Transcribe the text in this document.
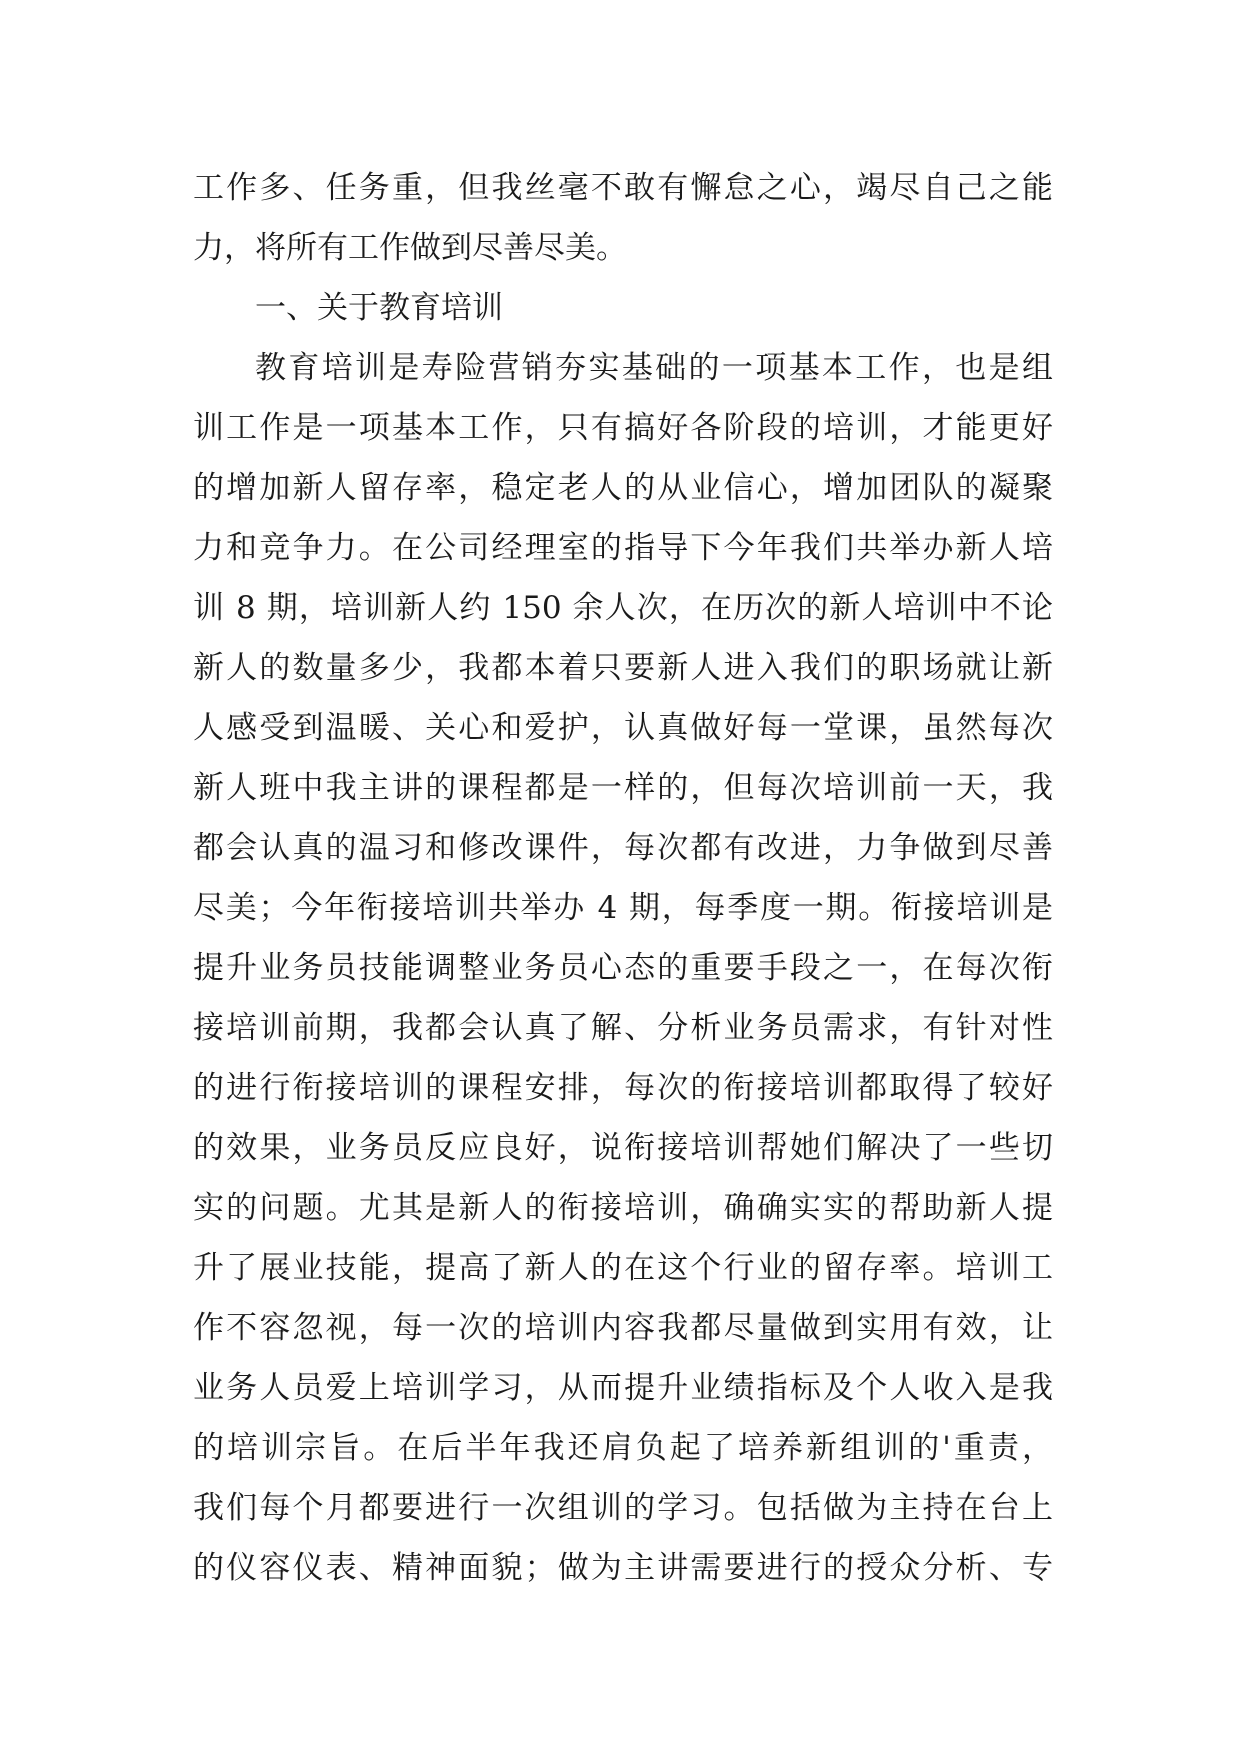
工作多、任务重，但我丝毫不敢有懈怠之心，竭尽自己之能
力，将所有工作做到尽善尽美。
一、关于教育培训
教育培训是寿险营销夯实基础的一项基本工作，也是组
训工作是一项基本工作，只有搞好各阶段的培训，才能更好
的增加新人留存率，稳定老人的从业信心，增加团队的凝聚
力和竞争力。在公司经理室的指导下今年我们共举办新人培
训 8 期，培训新人约 150 余人次，在历次的新人培训中不论
新人的数量多少，我都本着只要新人进入我们的职场就让新
人感受到温暖、关心和爱护，认真做好每一堂课，虽然每次
新人班中我主讲的课程都是一样的，但每次培训前一天，我
都会认真的温习和修改课件，每次都有改进，力争做到尽善
尽美；今年衔接培训共举办 4 期，每季度一期。衔接培训是
提升业务员技能调整业务员心态的重要手段之一，在每次衔
接培训前期，我都会认真了解、分析业务员需求，有针对性
的进行衔接培训的课程安排，每次的衔接培训都取得了较好
的效果，业务员反应良好，说衔接培训帮她们解决了一些切
实的问题。尤其是新人的衔接培训，确确实实的帮助新人提
升了展业技能，提高了新人的在这个行业的留存率。培训工
作不容忽视，每一次的培训内容我都尽量做到实用有效，让
业务人员爱上培训学习，从而提升业绩指标及个人收入是我
的培训宗旨。在后半年我还肩负起了培养新组训的'重责，
我们每个月都要进行一次组训的学习。包括做为主持在台上
的仪容仪表、精神面貌；做为主讲需要进行的授众分析、专
